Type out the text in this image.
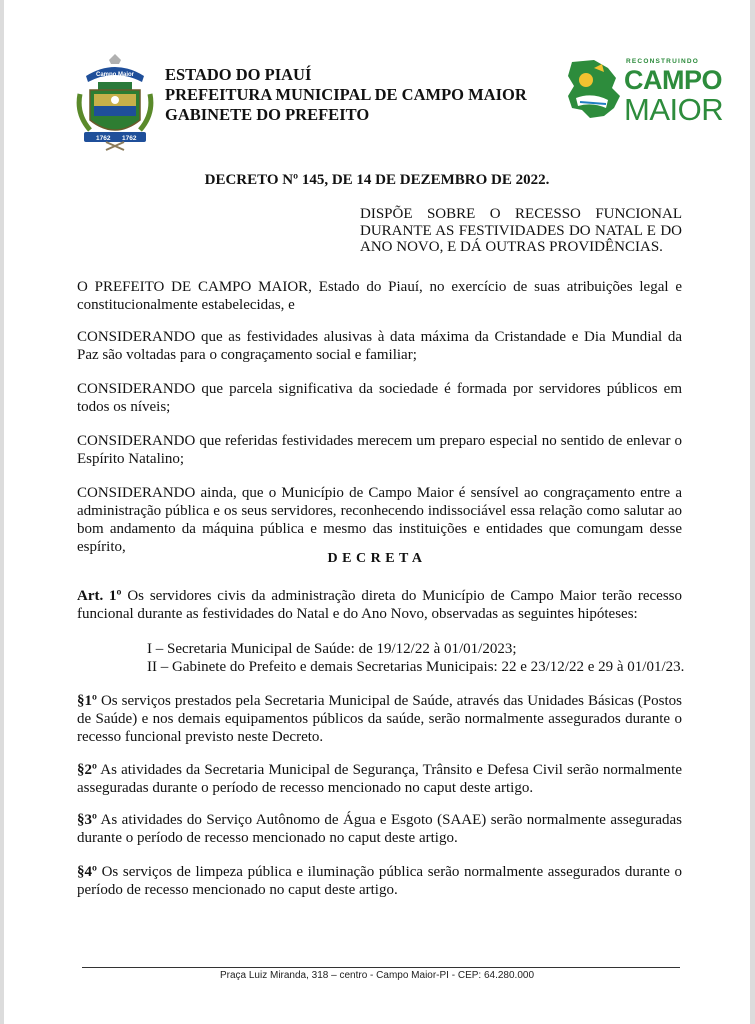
Campo Maior
1762 1762
ESTADO DO PIAUÍ
PREFEITURA MUNICIPAL DE CAMPO MAIOR
GABINETE DO PREFEITO
RECONSTRUINDO
CAMPO
MAIOR
DECRETO Nº 145, DE 14 DE DEZEMBRO DE 2022.
DISPÕE SOBRE O RECESSO FUNCIONAL DURANTE AS FESTIVIDADES DO NATAL E DO ANO NOVO, E DÁ OUTRAS PROVIDÊNCIAS.
O PREFEITO DE CAMPO MAIOR, Estado do Piauí, no exercício de suas atribuições legal e constitucionalmente estabelecidas, e
CONSIDERANDO que as festividades alusivas à data máxima da Cristandade e Dia Mundial da Paz são voltadas para o congraçamento social e familiar;
CONSIDERANDO que parcela significativa da sociedade é formada por servidores públicos em todos os níveis;
CONSIDERANDO que referidas festividades merecem um preparo especial no sentido de enlevar o Espírito Natalino;
CONSIDERANDO ainda, que o Município de Campo Maior é sensível ao congraçamento entre a administração pública e os seus servidores, reconhecendo indissociável essa relação como salutar ao bom andamento da máquina pública e mesmo das instituições e entidades que comungam desse espírito,
DECRETA
Art. 1º Os servidores civis da administração direta do Município de Campo Maior terão recesso funcional durante as festividades do Natal e do Ano Novo, observadas as seguintes hipóteses:
I – Secretaria Municipal de Saúde: de 19/12/22 à 01/01/2023;
II – Gabinete do Prefeito e demais Secretarias Municipais: 22 e 23/12/22 e 29 à 01/01/23.
§1º Os serviços prestados pela Secretaria Municipal de Saúde, através das Unidades Básicas (Postos de Saúde) e nos demais equipamentos públicos da saúde, serão normalmente assegurados durante o recesso funcional previsto neste Decreto.
§2º As atividades da Secretaria Municipal de Segurança, Trânsito e Defesa Civil serão normalmente asseguradas durante o período de recesso mencionado no caput deste artigo.
§3º As atividades do Serviço Autônomo de Água e Esgoto (SAAE) serão normalmente asseguradas durante o período de recesso mencionado no caput deste artigo.
§4º Os serviços de limpeza pública e iluminação pública serão normalmente assegurados durante o período de recesso mencionado no caput deste artigo.
Praça Luiz Miranda, 318 – centro - Campo Maior-PI - CEP: 64.280.000
